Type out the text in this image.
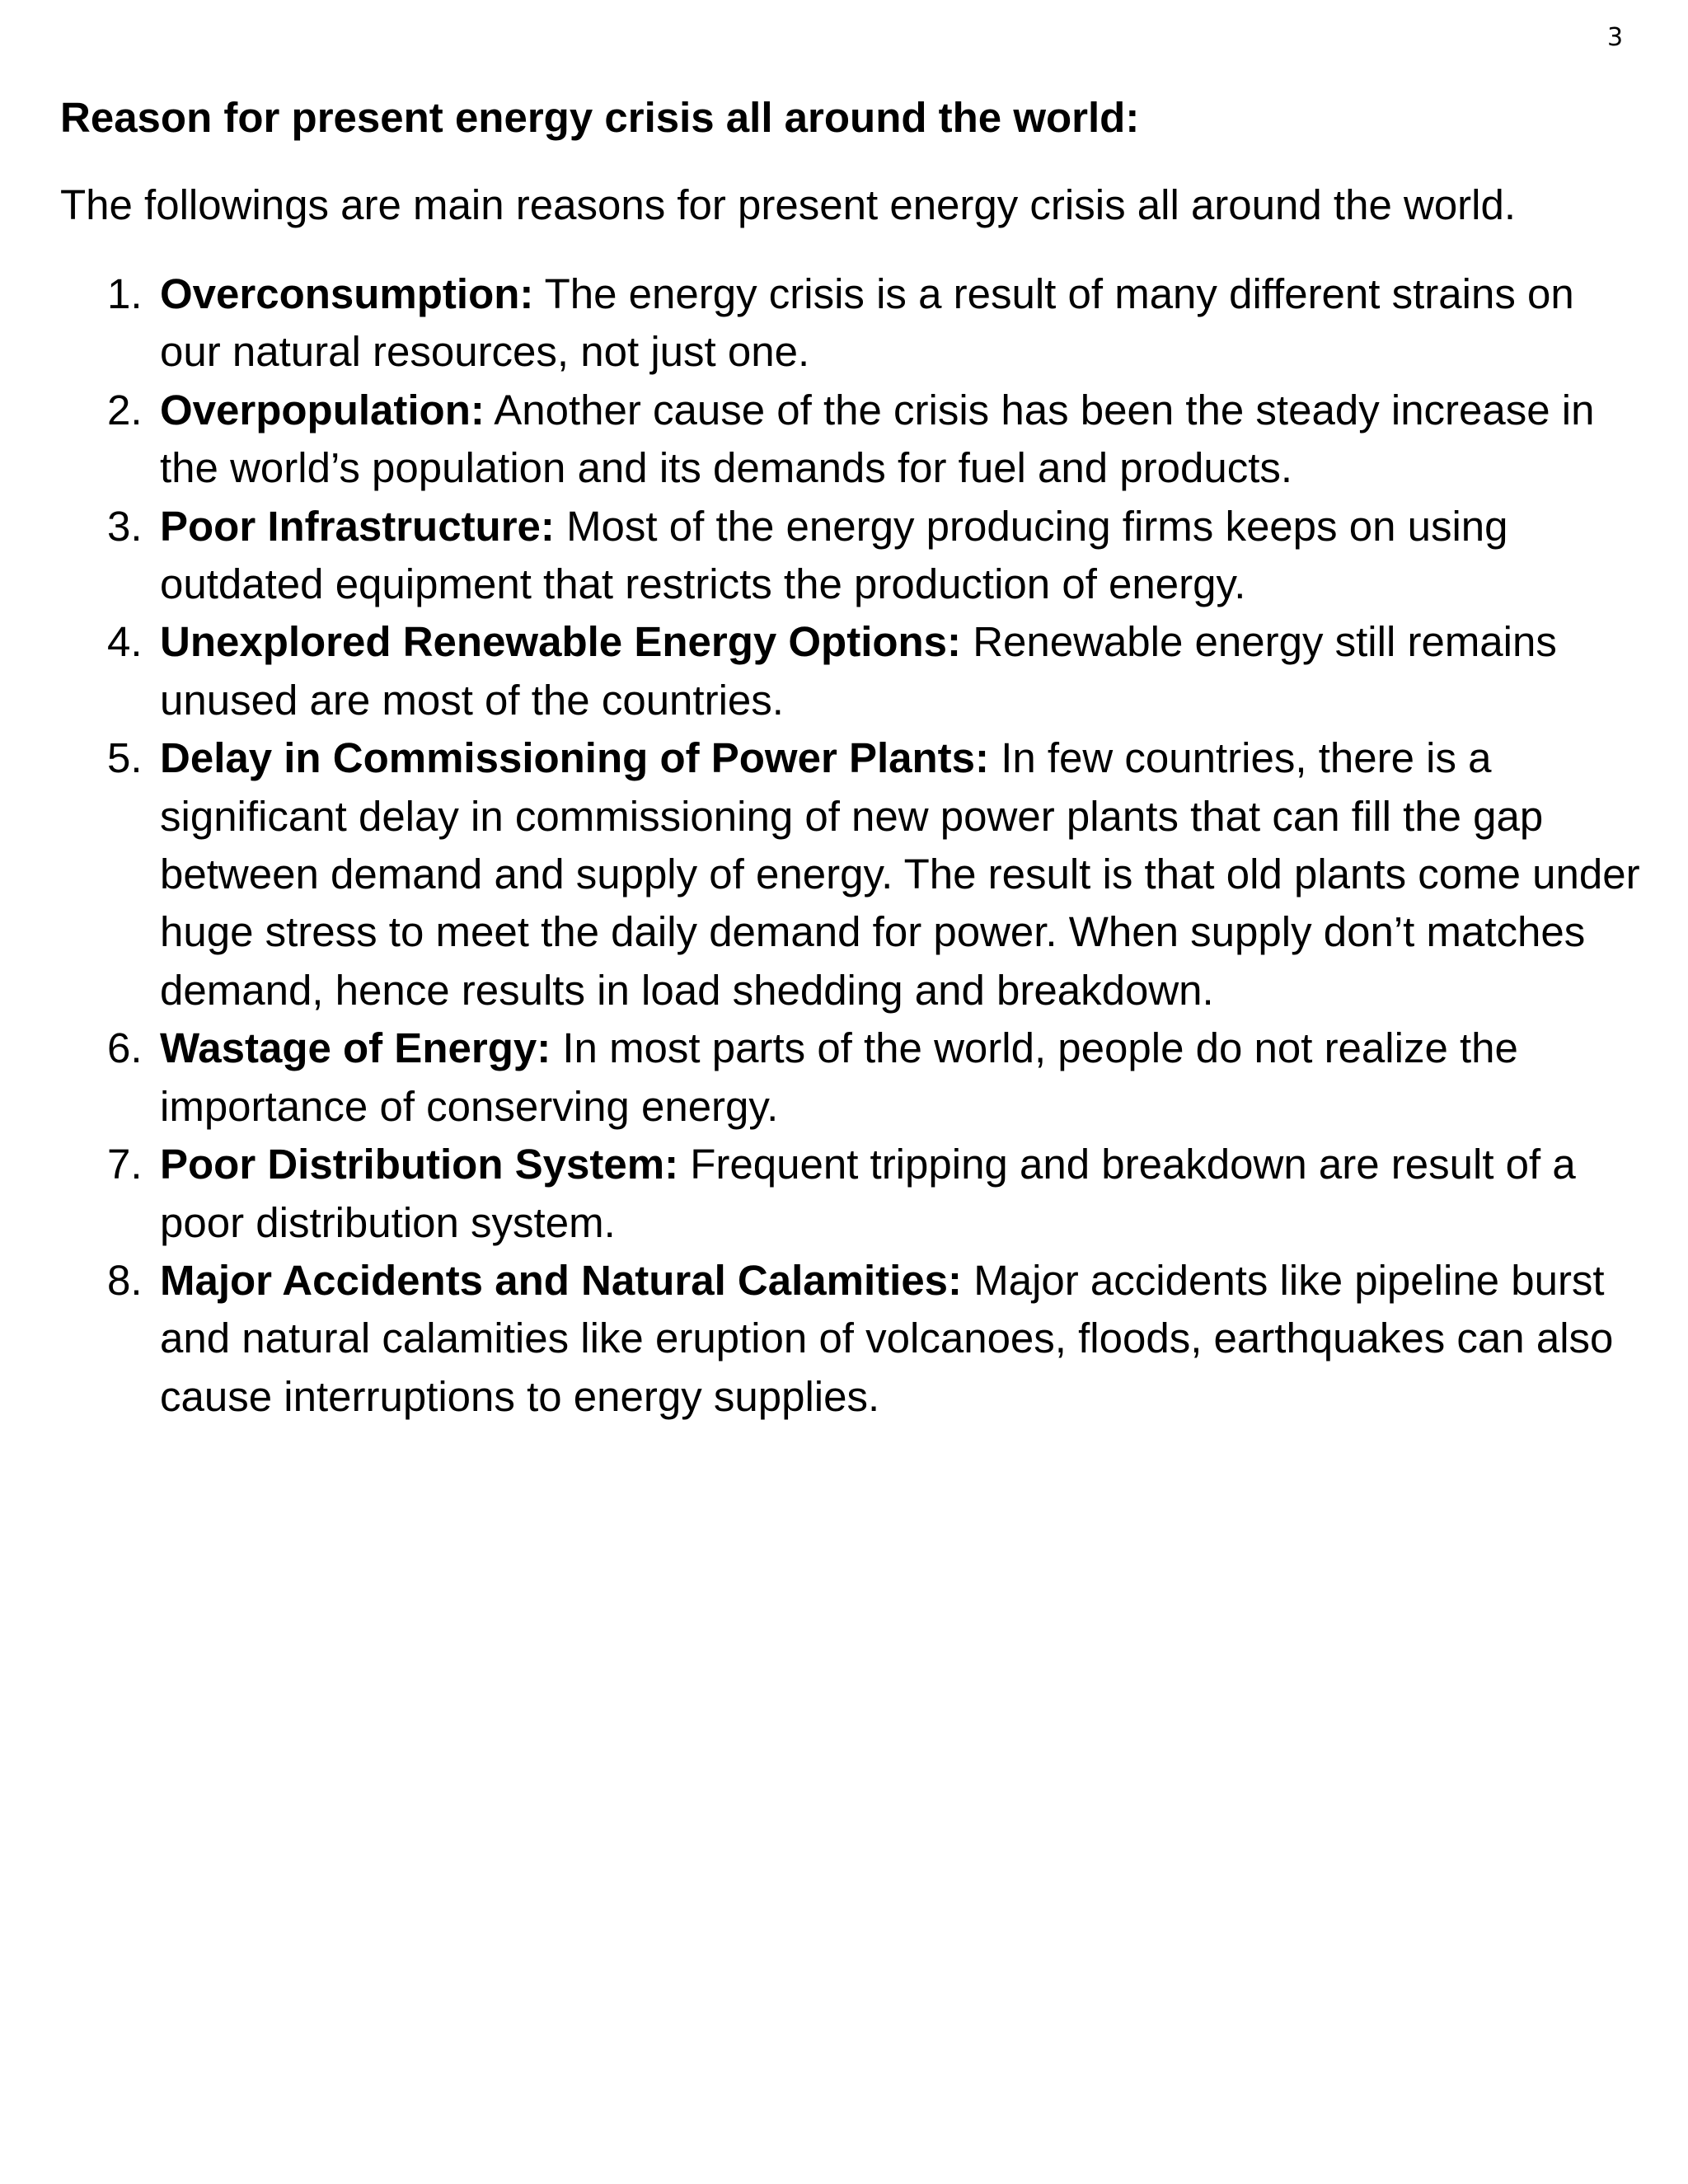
3
Reason for present energy crisis all around the world:

The followings are main reasons for present energy crisis all around the world.

1. Overconsumption: The energy crisis is a result of many different strains on our natural resources, not just one.
2. Overpopulation: Another cause of the crisis has been the steady increase in the world’s population and its demands for fuel and products.
3. Poor Infrastructure: Most of the energy producing firms keeps on using outdated equipment that restricts the production of energy.
4. Unexplored Renewable Energy Options: Renewable energy still remains unused are most of the countries.
5. Delay in Commissioning of Power Plants: In few countries, there is a significant delay in commissioning of new power plants that can fill the gap between demand and supply of energy. The result is that old plants come under huge stress to meet the daily demand for power. When supply don’t matches demand, hence results in load shedding and breakdown.
6. Wastage of Energy: In most parts of the world, people do not realize the importance of conserving energy.
7. Poor Distribution System: Frequent tripping and breakdown are result of a poor distribution system.
8. Major Accidents and Natural Calamities: Major accidents like pipeline burst and natural calamities like eruption of volcanoes, floods, earthquakes can also cause interruptions to energy supplies.
